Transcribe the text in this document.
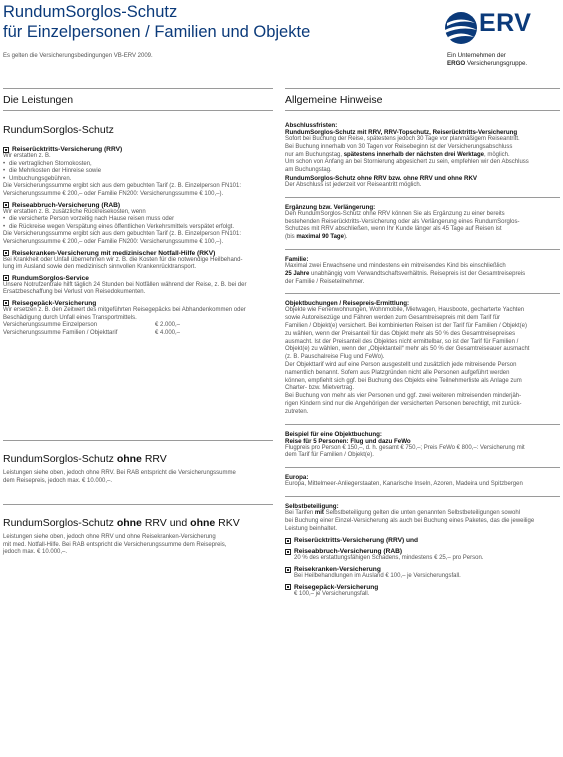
RundumSorglos-Schutz
für Einzelpersonen / Familien und Objekte
Es gelten die Versicherungsbedingungen VB-ERV 2009.
ERV
Ein Unternehmen der
ERGO Versicherungsgruppe.
Die Leistungen	Allgemeine Hinweise

RundumSorglos-Schutz

Reiserücktritts-Versicherung (RRV)

Wir erstatten z. B.

• die vertraglichen Stornokosten,

• die Mehrkosten der Hinreise sowie

• Umbuchungsgebühren.

Die Versicherungssumme ergibt sich aus dem gebuchten Tarif (z. B. Einzelperson FN101:

Versicherungssumme € 200,– oder Familie FN200: Versicherungssumme € 100,–).

Reiseabbruch-Versicherung (RAB)

Wir erstatten z. B. zusätzliche Rückreisekosten, wenn

• die versicherte Person vorzeitig nach Hause reisen muss oder

• die Rückreise wegen Verspätung eines öffentlichen Verkehrsmittels verspätet erfolgt.

Die Versicherungssumme ergibt sich aus dem gebuchten Tarif (z. B. Einzelperson FN101:

Versicherungssumme € 200,– oder Familie FN200: Versicherungssumme € 100,–).

Reisekranken-Versicherung mit medizinischer Notfall-Hilfe (RKV)

Bei Krankheit oder Unfall übernehmen wir z. B. die Kosten für die notwendige Heilbehand-

lung im Ausland sowie den medizinisch sinnvollen Krankenrücktransport.

RundumSorglos-Service

Unsere Notrufzentrale hilft täglich 24 Stunden bei Notfällen während der Reise, z. B. bei der

Ersatzbeschaffung bei Verlust von Reisedokumenten.

Reisegepäck-Versicherung

Wir ersetzen z. B. den Zeitwert des mitgeführten Reisegepäcks bei Abhandenkommen oder

Beschädigung durch Unfall eines Transportmittels.

Versicherungssumme Einzelperson	€ 2.000,–
Versicherungssumme Familien / Objekttarif	€ 4.000,–

RundumSorglos-Schutz ohne RRV

Leistungen siehe oben, jedoch ohne RRV. Bei RAB entspricht die Versicherungssumme

dem Reisepreis, jedoch max. € 10.000,–.

RundumSorglos-Schutz ohne RRV und ohne RKV

Leistungen siehe oben, jedoch ohne RRV und ohne Reisekranken-Versicherung

mit med. Notfall-Hilfe. Bei RAB entspricht die Versicherungssumme dem Reisepreis,

jedoch max. € 10.000,–.

Abschlussfristen:

RundumSorglos-Schutz mit RRV, RRV-Topschutz, Reiserücktritts-Versicherung

Sofort bei Buchung der Reise, spätestens jedoch 30 Tage vor planmäßigem Reiseantritt.

Bei Buchung innerhalb von 30 Tagen vor Reisebeginn ist der Versicherungsabschluss

nur am Buchungstag, spätestens innerhalb der nächsten drei Werktage, möglich.

Um schon von Anfang an bei Stornierung abgesichert zu sein, empfehlen wir den Abschluss

am Buchungstag.

RundumSorglos-Schutz ohne RRV bzw. ohne RRV und ohne RKV

Der Abschluss ist jederzeit vor Reiseantritt möglich.

Ergänzung bzw. Verlängerung:

Den RundumSorglos-Schutz ohne RRV können Sie als Ergänzung zu einer bereits

bestehenden Reiserücktritts-Versicherung oder als Verlängerung eines RundumSorglos-

Schutzes mit RRV abschließen, wenn Ihr Kunde länger als 45 Tage auf Reisen ist

(bis maximal 90 Tage).

Familie:

Maximal zwei Erwachsene und mindestens ein mitreisendes Kind bis einschließlich

25 Jahre unabhängig vom Verwandtschaftsverhältnis. Reisepreis ist der Gesamtreisepreis

der Familie / Reiseteilnehmer.

Objektbuchungen / Reisepreis-Ermittlung:

Objekte wie Ferienwohnungen, Wohnmobile, Mietwagen, Hausboote, gecharterte Yachten

sowie Autoreisezüge und Fähren werden zum Gesamtreisepreis mit dem Tarif für

Familien / Objekt(e) versichert. Bei kombinierten Reisen ist der Tarif für Familien / Objekt(e)

zu wählen, wenn der Preisanteil für das Objekt mehr als 50 % des Gesamtreisepreises

ausmacht. Ist der Preisanteil des Objektes nicht ermittelbar, so ist der Tarif für Familien /

Objekt(e) zu wählen, wenn der „Objektanteil“ mehr als 50 % der Gesamtreiseauer ausmacht

(z. B. Pauschalreise Flug und FeWo).

Der Objekttarif wird auf eine Person ausgestellt und zusätzlich jede mitreisende Person

namentlich benannt. Sofern aus Platzgründen nicht alle Personen aufgeführt werden

können, empfiehlt sich ggf. bei Buchung des Objekts eine Teilnehmerliste als Anlage zum

Charter- bzw. Mietvertrag.

Bei Buchung von mehr als vier Personen und ggf. zwei weiteren mitreisenden minderjäh-

rigen Kindern sind nur die Angehörigen der versicherten Personen berechtigt, mit zurück-

zutreten.

Beispiel für eine Objektbuchung:

Reise für 5 Personen: Flug und dazu FeWo

Flugpreis pro Person € 150,–, d. h. gesamt € 750,–; Preis FeWo € 800,–: Versicherung mit

dem Tarif für Familien / Objekt(e).

Europa:

Europa, Mittelmeer-Anliegerstaaten, Kanarische Inseln, Azoren, Madeira und Spitzbergen

Selbstbeteiligung:

Bei Tarifen mit Selbstbeteiligung gelten die unten genannten Selbstbeteiligungen sowohl

bei Buchung einer Einzel-Versicherung als auch bei Buchung eines Paketes, das die jeweilige

Leistung beinhaltet.

Reiserücktritts-Versicherung (RRV) und

Reiseabbruch-Versicherung (RAB)

20 % des erstattungsfähigen Schadens, mindestens € 25,– pro Person.

Reisekranken-Versicherung

Bei Heilbehandlungen im Ausland € 100,– je Versicherungsfall.

Reisegepäck-Versicherung

€ 100,– je Versicherungsfall.
